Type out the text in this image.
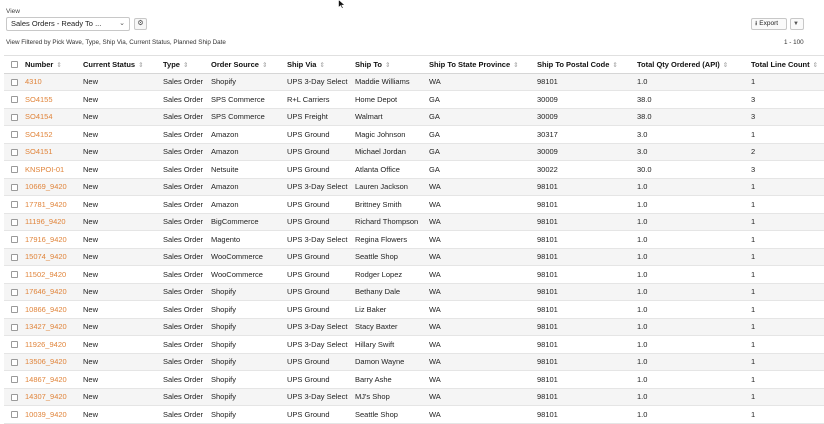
View
Sales Orders - Ready To ...	⌄	⚙
View Filtered by Pick Wave, Type, Ship Via, Current Status, Planned Ship Date
⭳ Export	▼
1 - 100
	Number ⇕	Current Status ⇕	Type ⇕	Order Source ⇕	Ship Via ⇕	Ship To ⇕	Ship To State Province ⇕	Ship To Postal Code ⇕	Total Qty Ordered (API) ⇕	Total Line Count ⇕
	4310	New	Sales Order	Shopify	UPS 3-Day Select	Maddie Williams	WA	98101	1.0	1
	SO4155	New	Sales Order	SPS Commerce	R+L Carriers	Home Depot	GA	30009	38.0	3
	SO4154	New	Sales Order	SPS Commerce	UPS Freight	Walmart	GA	30009	38.0	3
	SO4152	New	Sales Order	Amazon	UPS Ground	Magic Johnson	GA	30317	3.0	1
	SO4151	New	Sales Order	Amazon	UPS Ground	Michael Jordan	GA	30009	3.0	2
	KNSPOI-01	New	Sales Order	Netsuite	UPS Ground	Atlanta Office	GA	30022	30.0	3
	10669_9420	New	Sales Order	Amazon	UPS 3-Day Select	Lauren Jackson	WA	98101	1.0	1
	17781_9420	New	Sales Order	Amazon	UPS Ground	Brittney Smith	WA	98101	1.0	1
	11196_9420	New	Sales Order	BigCommerce	UPS Ground	Richard Thompson	WA	98101	1.0	1
	17916_9420	New	Sales Order	Magento	UPS 3-Day Select	Regina Flowers	WA	98101	1.0	1
	15074_9420	New	Sales Order	WooCommerce	UPS Ground	Seattle Shop	WA	98101	1.0	1
	11502_9420	New	Sales Order	WooCommerce	UPS Ground	Rodger Lopez	WA	98101	1.0	1
	17646_9420	New	Sales Order	Shopify	UPS Ground	Bethany Dale	WA	98101	1.0	1
	10866_9420	New	Sales Order	Shopify	UPS Ground	Liz Baker	WA	98101	1.0	1
	13427_9420	New	Sales Order	Shopify	UPS 3-Day Select	Stacy Baxter	WA	98101	1.0	1
	11926_9420	New	Sales Order	Shopify	UPS 3-Day Select	Hillary Swift	WA	98101	1.0	1
	13506_9420	New	Sales Order	Shopify	UPS Ground	Damon Wayne	WA	98101	1.0	1
	14867_9420	New	Sales Order	Shopify	UPS Ground	Barry Ashe	WA	98101	1.0	1
	14307_9420	New	Sales Order	Shopify	UPS 3-Day Select	MJ's Shop	WA	98101	1.0	1
	10039_9420	New	Sales Order	Shopify	UPS Ground	Seattle Shop	WA	98101	1.0	1
